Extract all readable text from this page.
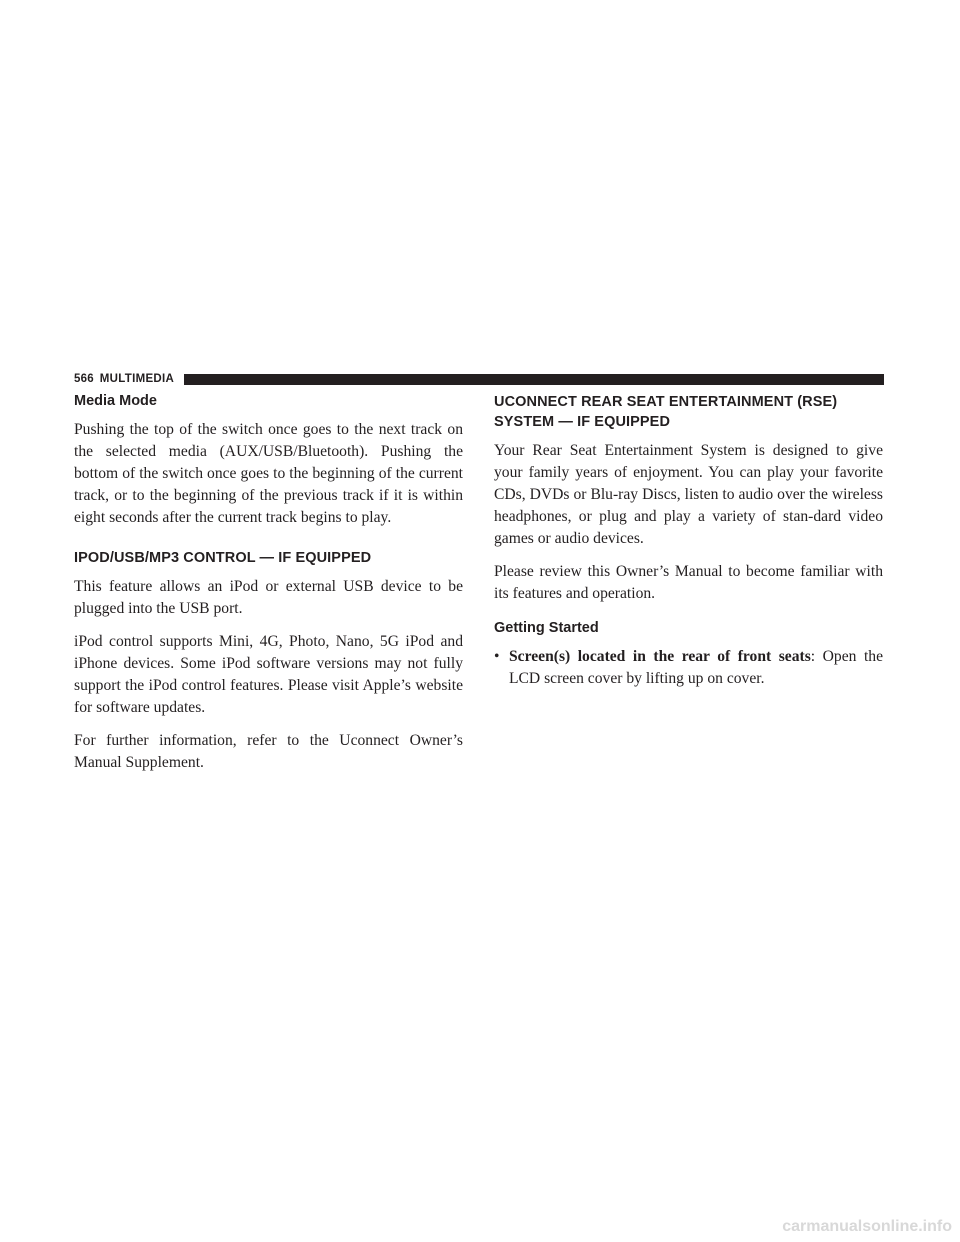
566 MULTIMEDIA
Media Mode

Pushing the top of the switch once goes to the next track on the selected media (AUX/USB/Bluetooth). Pushing the bottom of the switch once goes to the beginning of the current track, or to the beginning of the previous track if it is within eight seconds after the current track begins to play.

IPOD/USB/MP3 CONTROL — IF EQUIPPED

This feature allows an iPod or external USB device to be plugged into the USB port.

iPod control supports Mini, 4G, Photo, Nano, 5G iPod and iPhone devices. Some iPod software versions may not fully support the iPod control features. Please visit Apple’s website for software updates.

For further information, refer to the Uconnect Owner’s Manual Supplement.

UCONNECT REAR SEAT ENTERTAINMENT (RSE)
SYSTEM — IF EQUIPPED

Your Rear Seat Entertainment System is designed to give your family years of enjoyment. You can play your favorite CDs, DVDs or Blu-ray Discs, listen to audio over the wireless headphones, or plug and play a variety of stan-dard video games or audio devices.

Please review this Owner’s Manual to become familiar with its features and operation.

Getting Started
• Screen(s) located in the rear of front seats: Open the LCD screen cover by lifting up on cover.
carmanualsonline.info
